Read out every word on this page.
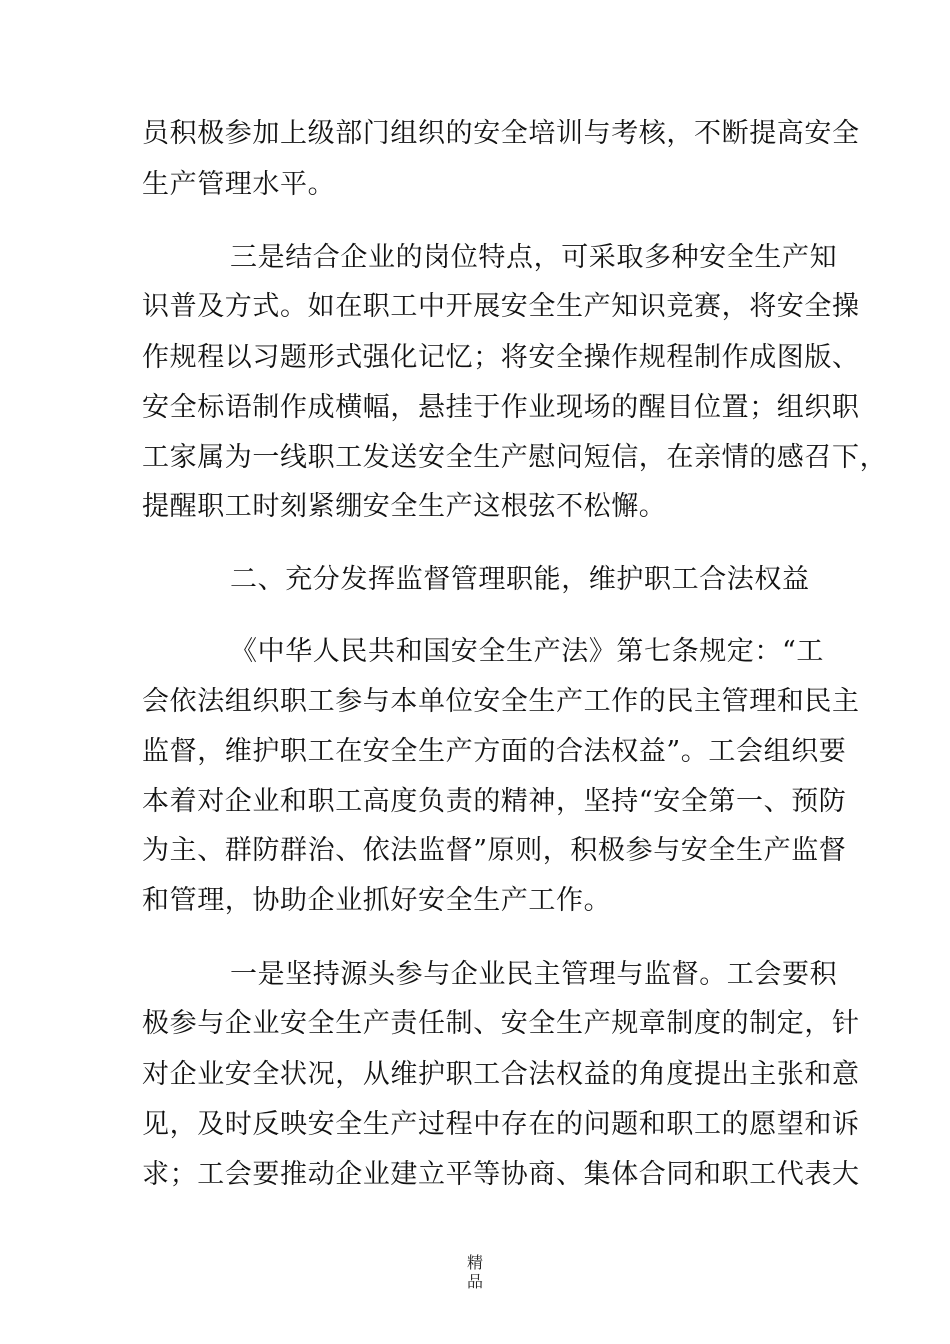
员积极参加上级部门组织的安全培训与考核，不断提高安全
生产管理水平。
三是结合企业的岗位特点，可采取多种安全生产知
识普及方式。如在职工中开展安全生产知识竞赛，将安全操
作规程以习题形式强化记忆；将安全操作规程制作成图版、
安全标语制作成横幅，悬挂于作业现场的醒目位置；组织职
工家属为一线职工发送安全生产慰问短信，在亲情的感召下，
提醒职工时刻紧绷安全生产这根弦不松懈。
二、充分发挥监督管理职能，维护职工合法权益
《中华人民共和国安全生产法》第七条规定：“工
会依法组织职工参与本单位安全生产工作的民主管理和民主
监督，维护职工在安全生产方面的合法权益”。工会组织要
本着对企业和职工高度负责的精神，坚持“安全第一、预防
为主、群防群治、依法监督”原则，积极参与安全生产监督
和管理，协助企业抓好安全生产工作。
一是坚持源头参与企业民主管理与监督。工会要积
极参与企业安全生产责任制、安全生产规章制度的制定，针
对企业安全状况，从维护职工合法权益的角度提出主张和意
见，及时反映安全生产过程中存在的问题和职工的愿望和诉
求；工会要推动企业建立平等协商、集体合同和职工代表大
精
品
